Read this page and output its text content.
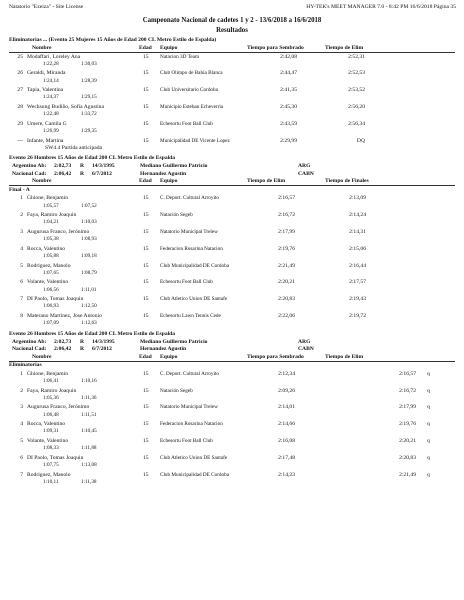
Natatorio "Ezeiza" - Site License	HY-TEK's MEET MANAGER 7.0 - 8:42 PM 16/6/2018 Página 35
Campeonato Nacional de cadetes 1 y 2 - 13/6/2018 a 16/6/2018
Resultados
Eliminatorias ... (Evento 25 Mujeres 15 Años de Edad 200 CL Metro Estilo de Espalda)
Nombre	Edad Equipo	Tiempo para Sembrado	Tiempo de Elim
25 Modaffari, Loreley Ana	15 Natacion 3D Team	2:42,08	2:52,31
1:22,28	1:30,03
26 Geraldi, Miranda	15 Club Olimpo de Bahia Blanca	2:44,47	2:52,53
1:24,14	1:28,39
27 Tapia, Valentina	15 Club Universitario Cordoba	2:41,35	2:53,52
1:24,37	1:29,15
28 Wechsung Budiño, Sofia Agustina	15 Municipio Esteban Echeverria	2:45,30	2:56,20
1:22,48	1:33,72
29 Umere, Camila G	15 Echesortu Foot Ball Club	2:43,59	2:56,34
1:26,99	1:29,35
--- Infante, Martina	15 Municipalidad DE Vicente Lopez	2:29,99	DQ
SW4.4 Partida anticipada
Evento 26 Hombres 15 Años de Edad 200 CL Metro Estilo de Espalda
Argentino Ab: 2:02,73 R 14/3/1995	Mediano Guillermo Patricio	ARG
Nacional Cad: 2:06,42 R 6/7/2012	Hernandez Agustin	CABN
Nombre	Edad Equipo	Tiempo de Elim	Tiempo de Finales
Final - A
1 Ghione, Benjamin	15 C. Deport. Cultural Arroyito	2:16,57	2:13,09
1:05,57	1:07,52
2 Faya, Ramiro Joaquin	15 Natación Segeb	2:16,72	2:14,24
1:04,21	1:10,03
3 Augurusa Franco, Jerónimo	15 Natatorio Municipal Trelew	2:17,99	2:14,31
1:05,38	1:08,93
4 Rocca, Valentino	15 Federacion Rosarina Natacion	2:19,76	2:15,06
1:05,88	1:09,18
5 Rodriguez, Manolo	15 Club Municipalidad DE Cordoba	2:21,49	2:16,44
1:07,65	1:08,79
6 Volante, Valentino	15 Echesortu Foot Ball Club	2:20,21	2:17,57
1:06,56	1:11,01
7 DI Paolo, Tomas Joaquin	15 Club Atletico Union DE Santafe	2:20,83	2:19,43
1:06,93	1:12,50
8 Materano Martinez, Jose Antonio	15 Echesortu Lawn Tennis Cede	2:22,06	2:19,72
1:07,09	1:12,63
Evento 26 Hombres 15 Años de Edad 200 CL Metro Estilo de Espalda
Argentino Ab: 2:02,73 R 14/3/1995	Mediano Guillermo Patricio	ARG
Nacional Cad: 2:06,42 R 6/7/2012	Hernandez Agustin	CABN
Nombre	Edad Equipo	Tiempo para Sembrado	Tiempo de Elim
Eliminatorias
1 Ghione, Benjamin	15 C. Deport. Cultural Arroyito	2:12,34	2:16,57 q
1:06,41	1:10,16
2 Faya, Ramiro Joaquin	15 Natación Segeb	2:09,26	2:16,72 q
1:05,36	1:11,36
3 Augurusa Franco, Jerónimo	15 Natatorio Municipal Trelew	2:14,01	2:17,99 q
1:06,48	1:11,51
4 Rocca, Valentino	15 Federacion Rosarina Natacion	2:14,66	2:19,76 q
1:09,31	1:10,45
5 Volante, Valentino	15 Echesortu Foot Ball Club	2:16,08	2:20,21 q
1:08,33	1:11,88
6 DI Paolo, Tomas Joaquin	15 Club Atletico Union DE Santafe	2:17,48	2:20,83 q
1:07,75	1:13,08
7 Rodriguez, Manolo	15 Club Municipalidad DE Cordoba	2:14,23	2:21,49 q
1:10,11	1:11,38
